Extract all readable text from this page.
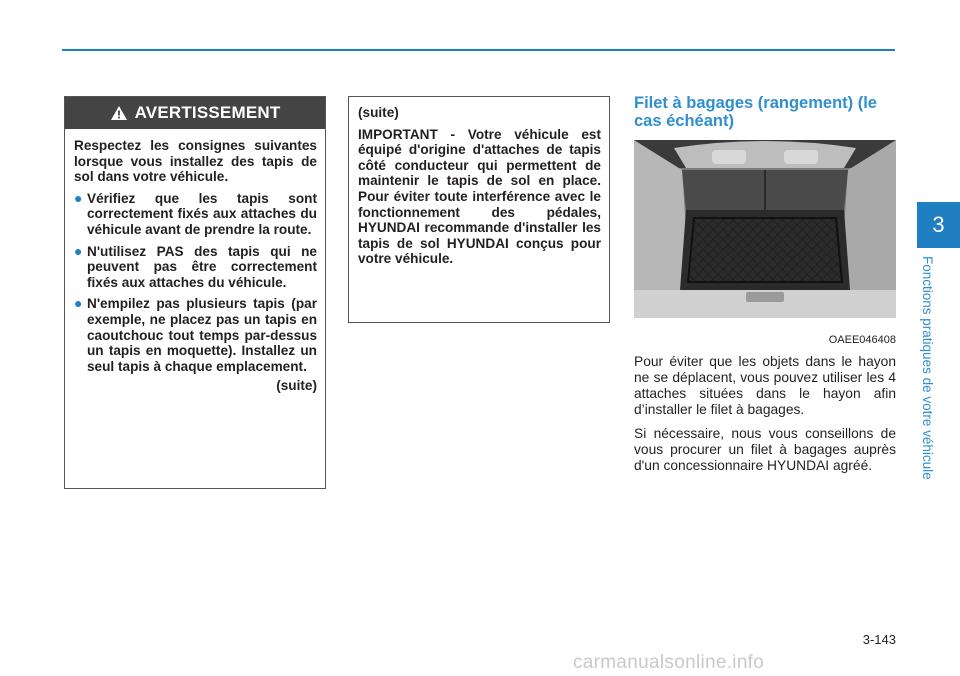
AVERTISSEMENT

Respectez les consignes suivantes lorsque vous installez des tapis de sol dans votre véhicule.

● Vérifiez que les tapis sont correctement fixés aux attaches du véhicule avant de prendre la route.
● N'utilisez PAS des tapis qui ne peuvent pas être correctement fixés aux attaches du véhicule.
● N'empilez pas plusieurs tapis (par exemple, ne placez pas un tapis en caoutchouc tout temps par-dessus un tapis en moquette). Installez un seul tapis à chaque emplacement.
(suite)

(suite)

IMPORTANT - Votre véhicule est équipé d'origine d'attaches de tapis côté conducteur qui permettent de maintenir le tapis de sol en place. Pour éviter toute interférence avec le fonctionnement des pédales, HYUNDAI recommande d'installer les tapis de sol HYUNDAI conçus pour votre véhicule.

Filet à bagages (rangement) (le cas échéant)
OAEE046408

Pour éviter que les objets dans le hayon ne se déplacent, vous pouvez utiliser les 4 attaches situées dans le hayon afin d’installer le filet à bagages.

Si nécessaire, nous vous conseillons de vous procurer un filet à bagages auprès d'un concessionnaire HYUNDAI agréé.

3-143
3
Fonctions pratiques de votre véhicule
carmanualsonline.info
